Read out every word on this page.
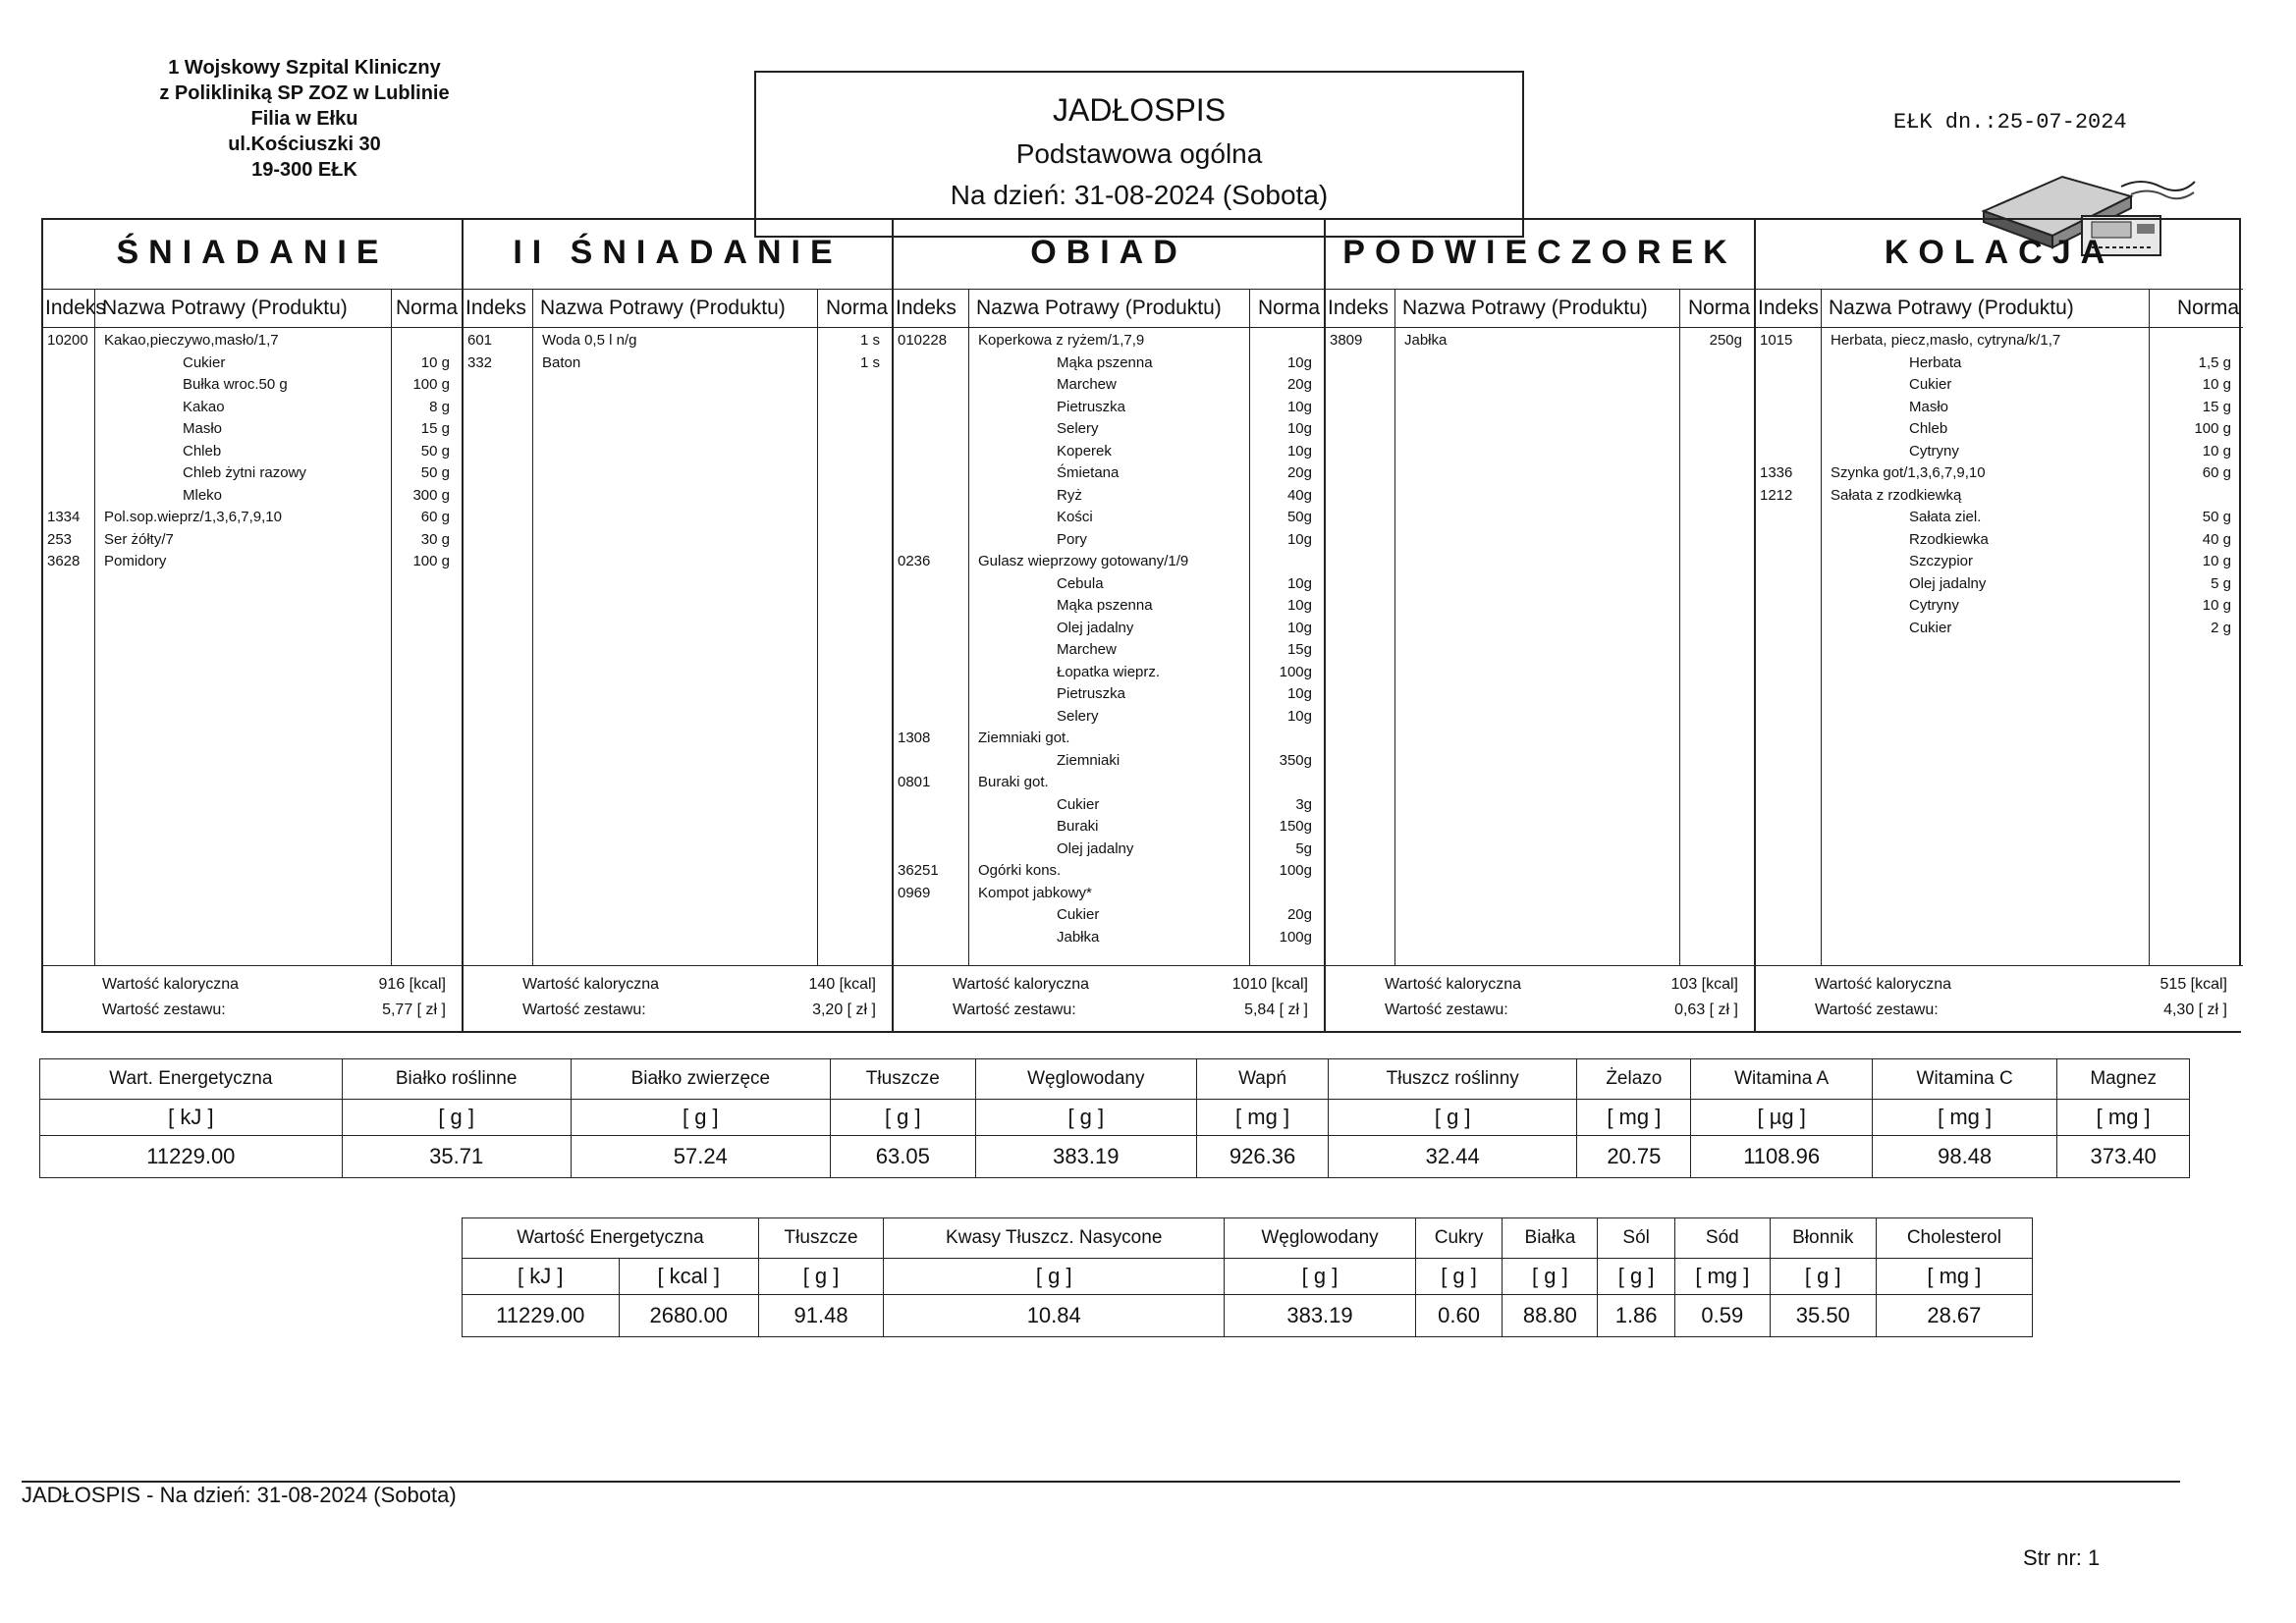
1 Wojskowy Szpital Kliniczny
z Polikliniką SP ZOZ w Lublinie
Filia w Ełku
ul.Kościuszki 30
19-300 EŁK
JADŁOSPIS
Podstawowa ogólna
Na dzień: 31-08-2024 (Sobota)
EŁK dn.:25-07-2024
ŚNIADANIE
Indeks
Nazwa Potrawy (Produktu) Norma
10200 Kakao,pieczywo,masło/1,7
Cukier	10 g
Bułka wroc.50 g	100 g
Kakao	8 g
Masło	15 g
Chleb	50 g
Chleb żytni razowy	50 g
Mleko	300 g
1334 Pol.sop.wieprz/1,3,6,7,9,10	60 g
253 Ser żółty/7	30 g
3628 Pomidory	100 g
Wartość kaloryczna	916 [kcal]
Wartość zestawu:	5,77 [ zł ]
II ŚNIADANIE
Indeks Nazwa Potrawy (Produktu) Norma
601	Woda 0,5 l n/g	1 s
332	Baton	1 s
Wartość kaloryczna	140 [kcal]
Wartość zestawu:	3,20 [ zł ]
OBIAD
Indeks Nazwa Potrawy (Produktu) Norma
010228 Koperkowa z ryżem/1,7,9
Mąka pszenna	10g
Marchew	20g
Pietruszka	10g
Selery	10g
Koperek	10g
Śmietana	20g
Ryż	40g
Kości	50g
Pory	10g
0236	Gulasz wieprzowy gotowany/1/9
Cebula	10g
Mąka pszenna	10g
Olej jadalny	10g
Marchew	15g
Łopatka wieprz.	100g
Pietruszka	10g
Selery	10g
1308	Ziemniaki got.
Ziemniaki	350g
0801	Buraki got.
Cukier	3g
Buraki	150g
Olej jadalny	5g
36251	Ogórki kons.	100g
0969	Kompot jabkowy*
Cukier	20g
Jabłka	100g
Wartość kaloryczna	1010 [kcal]
Wartość zestawu:	5,84 [ zł ]
PODWIECZOREK
Indeks Nazwa Potrawy (Produktu) Norma
3809	Jabłka	250g
Wartość kaloryczna	103 [kcal]
Wartość zestawu:	0,63 [ zł ]
KOLACJA
Indeks Nazwa Potrawy (Produktu)	Norma
1015	Herbata, piecz,masło, cytryna/k/1,7
Herbata	1,5 g
Cukier	10 g
Masło	15 g
Chleb	100 g
Cytryny	10 g
1336	Szynka got/1,3,6,7,9,10	60 g
1212	Sałata z rzodkiewką
Sałata ziel.	50 g
Rzodkiewka	40 g
Szczypior	10 g
Olej jadalny	5 g
Cytryny	10 g
Cukier	2 g
Wartość kaloryczna	515 [kcal]
Wartość zestawu:	4,30 [ zł ]
Wart. Energetyczna	Białko roślinne	Białko zwierzęce	Tłuszcze	Węglowodany	Wapń	Tłuszcz roślinny	Żelazo	Witamina A	Witamina C	Magnez
[ kJ ]	[ g ]	[ g ]	[ g ]	[ g ]	[ mg ]	[ g ]	[ mg ]	[ µg ]	[ mg ]	[ mg ]
11229.00	35.71	57.24	63.05	383.19	926.36	32.44	20.75	1108.96	98.48	373.40
Wartość Energetyczna		Tłuszcze	Kwasy Tłuszcz. Nasycone	Węglowodany	Cukry	Białka	Sól	Sód	Błonnik	Cholesterol
[ kJ ]	[ kcal ]	[ g ]	[ g ]	[ g ]	[ g ]	[ g ]	[ g ]	[ mg ]	[ g ]	[ mg ]
11229.00	2680.00	91.48	10.84	383.19	0.60	88.80	1.86	0.59	35.50	28.67
JADŁOSPIS - Na dzień: 31-08-2024 (Sobota)
Str nr: 1
